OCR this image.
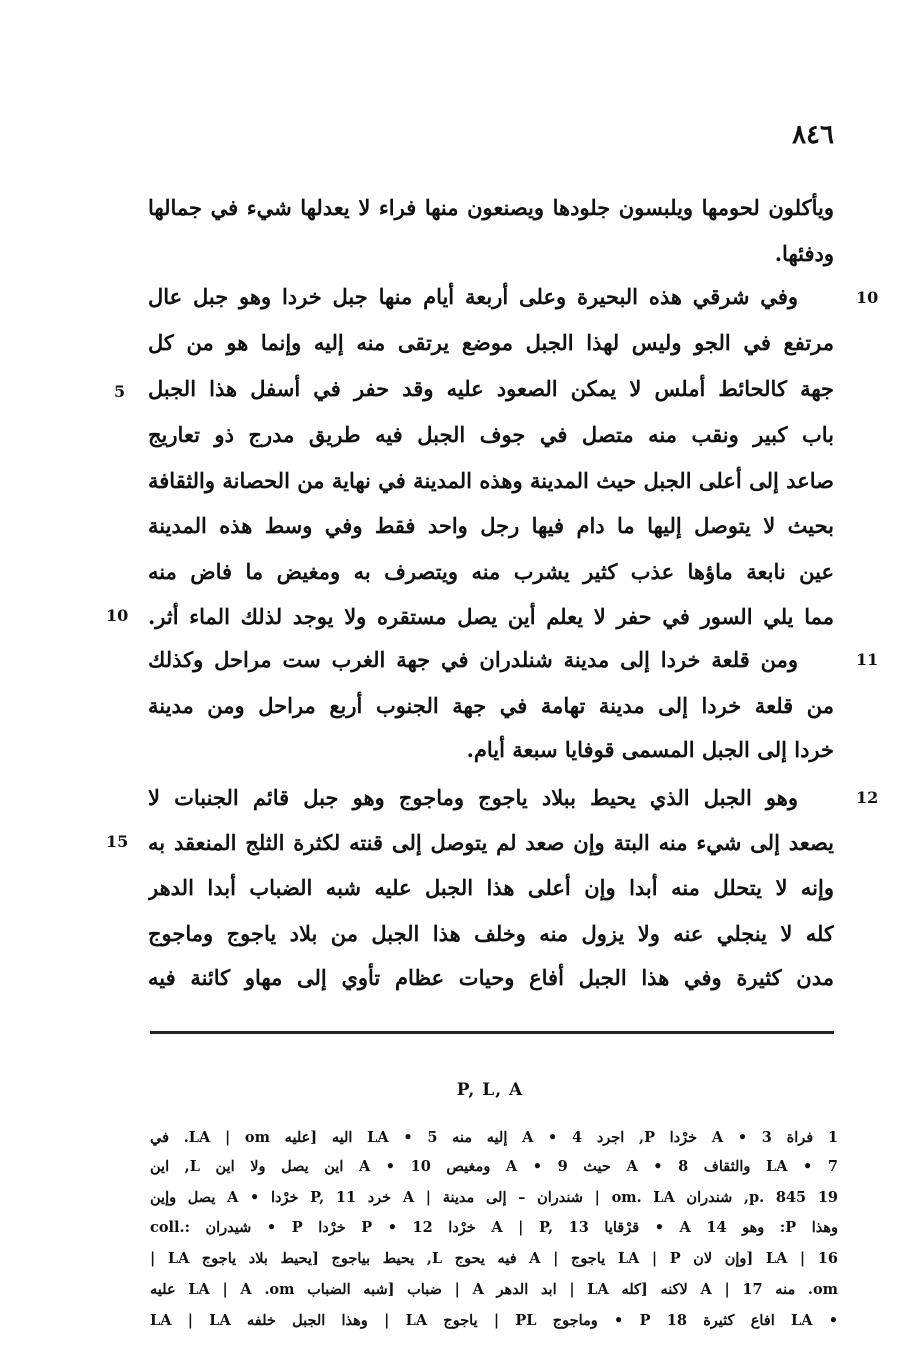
٨٤٦
ويأكلون لحومها ويلبسون جلودها ويصنعون منها فراء لا يعدلها شيء في جمالها
ودفئها.
وفي شرقي هذه البحيرة وعلى أربعة أيام منها جبل خردا وهو جبل عال
مرتفع في الجو وليس لهذا الجبل موضع يرتقى منه إليه وإنما هو من كل
جهة كالحائط أملس لا يمكن الصعود عليه وقد حفر في أسفل هذا الجبل
باب كبير ونقب منه متصل في جوف الجبل فيه طريق مدرج ذو تعاريج
صاعد إلى أعلى الجبل حيث المدينة وهذه المدينة في نهاية من الحصانة والثقافة
بحيث لا يتوصل إليها ما دام فيها رجل واحد فقط وفي وسط هذه المدينة
عين نابعة ماؤها عذب كثير يشرب منه ويتصرف به ومغيض ما فاض منه
مما يلي السور في حفر لا يعلم أين يصل مستقره ولا يوجد لذلك الماء أثر.
ومن قلعة خردا إلى مدينة شنلدران في جهة الغرب ست مراحل وكذلك
من قلعة خردا إلى مدينة تهامة في جهة الجنوب أربع مراحل ومن مدينة
خردا إلى الجبل المسمى قوفايا سبعة أيام.
وهو الجبل الذي يحيط ببلاد ياجوج وماجوج وهو جبل قائم الجنبات لا
يصعد إلى شيء منه البتة وإن صعد لم يتوصل إلى قنته لكثرة الثلج المنعقد به
وإنه لا يتحلل منه أبدا وإن أعلى هذا الجبل عليه شبه الضباب أبدا الدهر
كله لا ينجلي عنه ولا يزول منه وخلف هذا الجبل من بلاد ياجوج وماجوج
مدن كثيرة وفي هذا الجبل أفاع وحيات عظام تأوي إلى مهاو كائنة فيه
10
5
10
11
12
15
P, L, A
1 فراة A • 3 خرْدا P, اجرد A • 4 إليه منه LA • 5 اليه [عليه LA | om. في
LA • 7 والثقاف A • 8 حيث A • 9 ومغيص A • 10 اين يصل ولا اين L, اين
19 p. 845, شندران om. LA | شندران – إلى مدينة | A خرد P, 11 خرْدا • A يصل وإين
وهذا P: وهو 14 A • قرْقايا A | P, 13 خرْدا P • 12 خرْدا P • شيدران :.coll
LA | 16 [وإن لان LA | P ياجوج | A فيه يحوج L, يحيط بياجوج [يحيط بلاد ياجوج LA |
om. منه A | 17 لاكنه [كله LA | ابد الدهر A | ضباب [شبه الضباب LA | A .om عليه
• LA افاع كثيرة 18 P • وماجوج PL | ياجوج LA | وهذا الجبل خلفه LA | LA
